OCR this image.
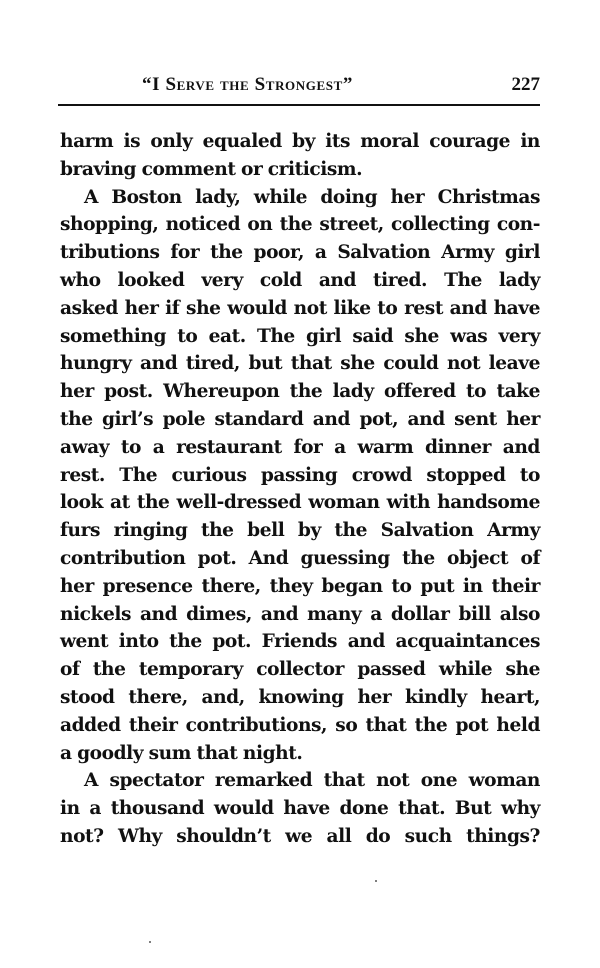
“I Serve the Strongest”	227
harm is only equaled by its moral courage in
braving comment or criticism.
A Boston lady, while doing her Christmas
shopping, noticed on the street, collecting con-
tributions for the poor, a Salvation Army girl
who looked very cold and tired. The lady
asked her if she would not like to rest and have
something to eat. The girl said she was very
hungry and tired, but that she could not leave
her post. Whereupon the lady offered to take
the girl’s pole standard and pot, and sent her
away to a restaurant for a warm dinner and
rest. The curious passing crowd stopped to
look at the well-dressed woman with handsome
furs ringing the bell by the Salvation Army
contribution pot. And guessing the object of
her presence there, they began to put in their
nickels and dimes, and many a dollar bill also
went into the pot. Friends and acquaintances
of the temporary collector passed while she
stood there, and, knowing her kindly heart,
added their contributions, so that the pot held
a goodly sum that night.
A spectator remarked that not one woman
in a thousand would have done that. But why
not? Why shouldn’t we all do such things?
